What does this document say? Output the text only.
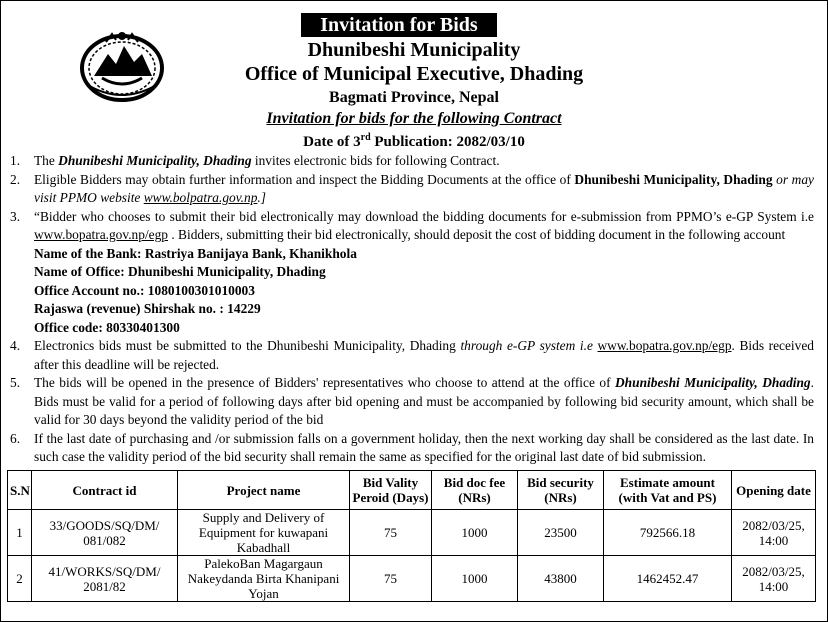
Invitation for Bids
Dhunibeshi Municipality
Office of Municipal Executive, Dhading
Bagmati Province, Nepal
Invitation for bids for the following Contract
Date of 3rd Publication: 2082/03/10
1. The Dhunibeshi Municipality, Dhading invites electronic bids for following Contract.
2. Eligible Bidders may obtain further information and inspect the Bidding Documents at the office of Dhunibeshi Municipality, Dhading or may visit PPMO website www.bolpatra.gov.np.]
3. “Bidder who chooses to submit their bid electronically may download the bidding documents for e-submission from PPMO’s e-GP System i.e www.bopatra.gov.np/egp . Bidders, submitting their bid electronically, should deposit the cost of bidding document in the following account
Name of the Bank: Rastriya Banijaya Bank, Khanikhola
Name of Office: Dhunibeshi Municipality, Dhading
Office Account no.: 1080100301010003
Rajaswa (revenue) Shirshak no. : 14229
Office code: 80330401300
4. Electronics bids must be submitted to the Dhunibeshi Municipality, Dhading through e-GP system i.e www.bopatra.gov.np/egp. Bids received after this deadline will be rejected.
5. The bids will be opened in the presence of Bidders' representatives who choose to attend at the office of Dhunibeshi Municipality, Dhading. Bids must be valid for a period of following days after bid opening and must be accompanied by following bid security amount, which shall be valid for 30 days beyond the validity period of the bid
6. If the last date of purchasing and /or submission falls on a government holiday, then the next working day shall be considered as the last date. In such case the validity period of the bid security shall remain the same as specified for the original last date of bid submission.
S.N	Contract id	Project name	Bid Vality Peroid (Days)	Bid doc fee (NRs)	Bid security (NRs)	Estimate amount (with Vat and PS)	Opening date
1	33/GOODS/SQ/DM/ 081/082	Supply and Delivery of Equipment for kuwapani Kabadhall	75	1000	23500	792566.18	2082/03/25, 14:00
2	41/WORKS/SQ/DM/ 2081/82	PalekoBan Magargaun Nakeydanda Birta Khanipani Yojan	75	1000	43800	1462452.47	2082/03/25, 14:00
